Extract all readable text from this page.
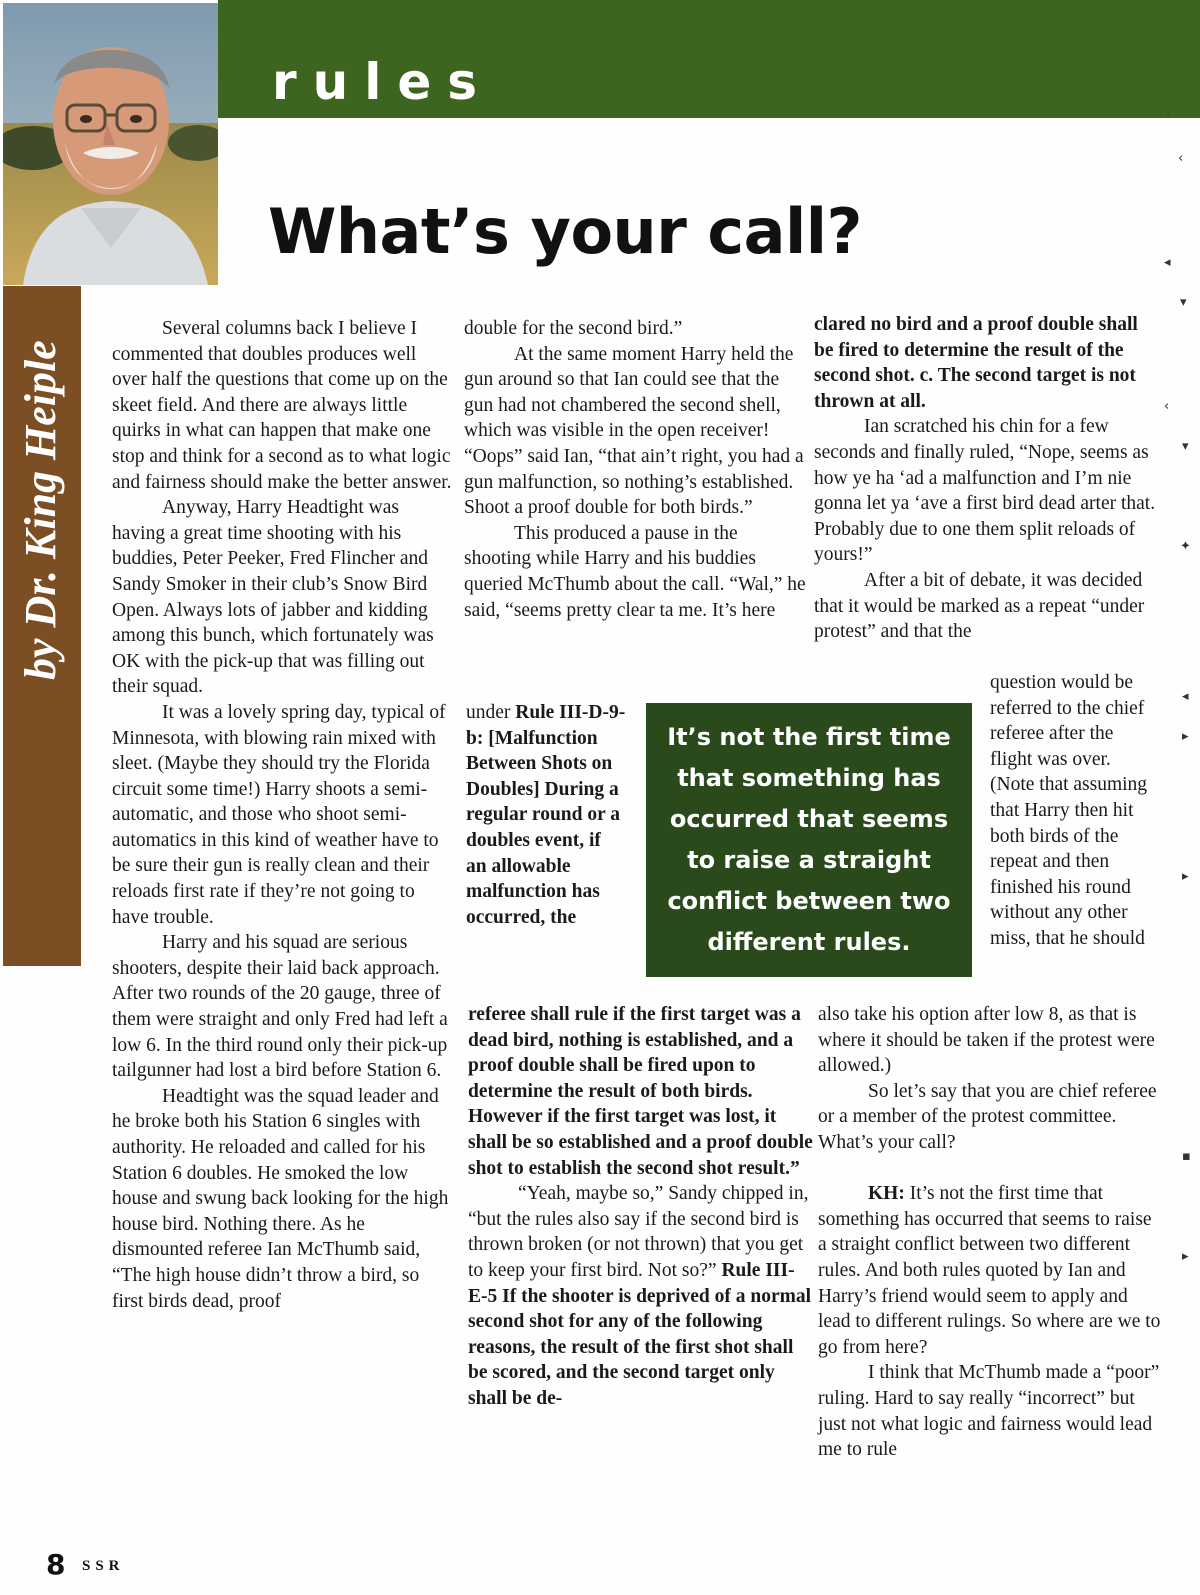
rules
What’s your call?
by Dr. King Heiple

Several columns back I believe I commented that doubles produces well over half the questions that come up on the skeet field. And there are always little quirks in what can happen that make one stop and think for a second as to what logic and fairness should make the better answer.

Anyway, Harry Headtight was having a great time shooting with his buddies, Peter Peeker, Fred Flincher and Sandy Smoker in their club’s Snow Bird Open. Always lots of jabber and kidding among this bunch, which fortunately was OK with the pick-up that was filling out their squad.

It was a lovely spring day, typical of Minnesota, with blowing rain mixed with sleet. (Maybe they should try the Florida circuit some time!) Harry shoots a semi-automatic, and those who shoot semi-automatics in this kind of weather have to be sure their gun is really clean and their reloads first rate if they’re not going to have trouble.

Harry and his squad are serious shooters, despite their laid back approach. After two rounds of the 20 gauge, three of them were straight and only Fred had left a low 6. In the third round only their pick-up tailgunner had lost a bird before Station 6.

Headtight was the squad leader and he broke both his Station 6 singles with authority. He reloaded and called for his Station 6 doubles. He smoked the low house and swung back looking for the high house bird. Nothing there. As he dismounted referee Ian McThumb said, “The high house didn’t throw a bird, so first birds dead, proof

double for the second bird.”

At the same moment Harry held the gun around so that Ian could see that the gun had not chambered the second shell, which was visible in the open receiver! “Oops” said Ian, “that ain’t right, you had a gun malfunction, so nothing’s established. Shoot a proof double for both birds.”

This produced a pause in the shooting while Harry and his buddies queried McThumb about the call. “Wal,” he said, “seems pretty clear ta me. It’s here

under Rule III-D-9-b: [Malfunction Between Shots on Doubles] During a regular round or a doubles event, if an allowable malfunction has occurred, the

referee shall rule if the first target was a dead bird, nothing is established, and a proof double shall be fired upon to determine the result of both birds. However if the first target was lost, it shall be so established and a proof double shot to establish the second shot result.”

“Yeah, maybe so,” Sandy chipped in, “but the rules also say if the second bird is thrown broken (or not thrown) that you get to keep your first bird. Not so?” Rule III-E-5 If the shooter is deprived of a normal second shot for any of the following reasons, the result of the first shot shall be scored, and the second target only shall be de-

It’s not the first time that something has occurred that seems to raise a straight conflict between two different rules.

clared no bird and a proof double shall be fired to determine the result of the second shot. c. The second target is not thrown at all.

Ian scratched his chin for a few seconds and finally ruled, “Nope, seems as how ye ha ‘ad a malfunction and I’m nie gonna let ya ‘ave a first bird dead arter that. Probably due to one them split reloads of yours!”

After a bit of debate, it was decided that it would be marked as a repeat “under protest” and that the

question would be referred to the chief referee after the flight was over. (Note that assuming that Harry then hit both birds of the repeat and then finished his round without any other miss, that he should

also take his option after low 8, as that is where it should be taken if the protest were allowed.)

So let’s say that you are chief referee or a member of the protest committee. What’s your call?

KH: It’s not the first time that something has occurred that seems to raise a straight conflict between two different rules. And both rules quoted by Ian and Harry’s friend would seem to apply and lead to different rulings. So where are we to go from here?

I think that McThumb made a “poor” ruling. Hard to say really “incorrect” but just not what logic and fairness would lead me to rule

8 SSR
·
‹
◂
▾
‹
▾
✦
◂
▸
▸
▪
▸
